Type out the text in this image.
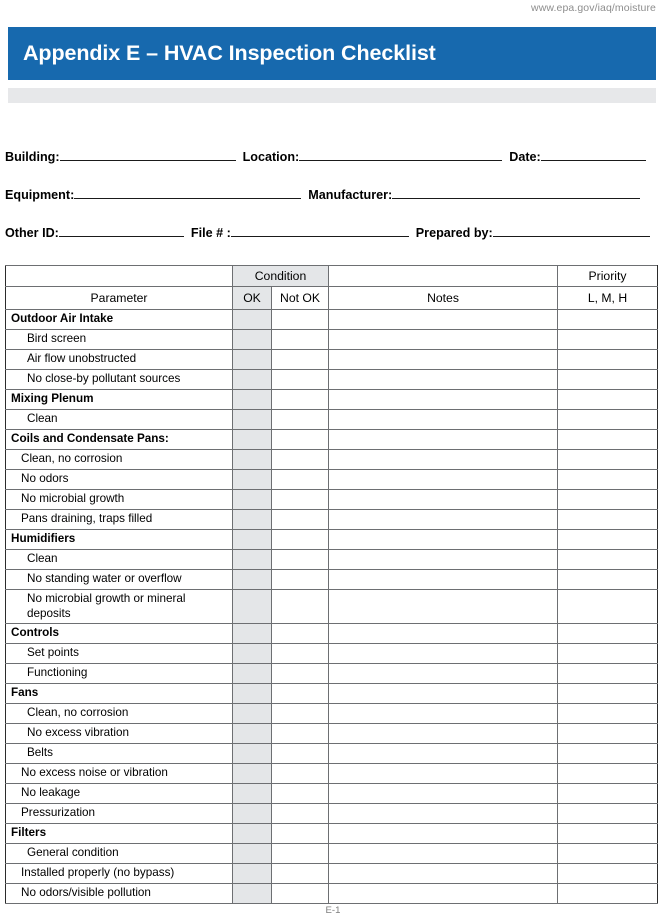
www.epa.gov/iaq/moisture
Appendix E – HVAC Inspection Checklist
Building:	Location:	Date:
Equipment:	Manufacturer:
Other ID:	File # :	Prepared by:
	Condition			Priority
Parameter	OK	Not OK	Notes	L, M, H

Outdoor Air Intake				

Bird screen				

Air flow unobstructed				

No close-by pollutant sources				

Mixing Plenum				

Clean				

Coils and Condensate Pans:				

Clean, no corrosion				

No odors				

No microbial growth				

Pans draining, traps filled				

Humidifiers				

Clean				

No standing water or overflow				

No microbial growth or mineral deposits				

Controls				

Set points				

Functioning				

Fans				

Clean, no corrosion				

No excess vibration				

Belts				

No excess noise or vibration				

No leakage				

Pressurization				

Filters				

General condition				

Installed properly (no bypass)				

No odors/visible pollution				

E-1
